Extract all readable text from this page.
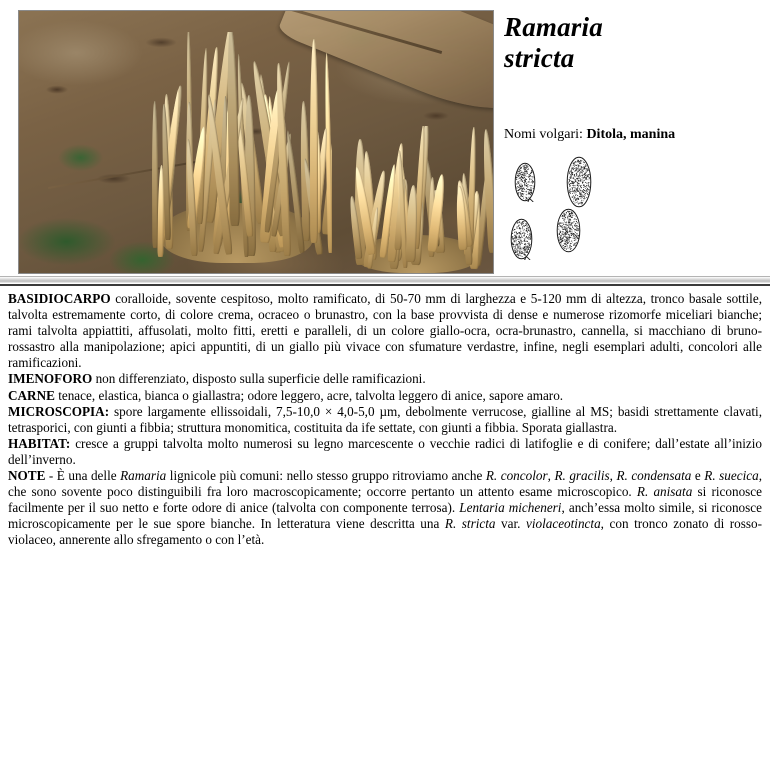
Ramaria
stricta
Nomi volgari: Ditola, manina

BASIDIOCARPO coralloide, sovente cespitoso, molto ramificato, di 50-70 mm di larghezza e 5-120 mm di altezza, tronco basale sottile, talvolta estremamente corto, di colore crema, ocraceo o brunastro, con la base provvista di dense e numerose rizomorfe miceliari bianche; rami talvolta appiattiti, affusolati, molto fitti, eretti e paralleli, di un colore giallo-ocra, ocra-brunastro, cannella, si macchiano di bruno-rossastro alla manipolazione; apici appuntiti, di un giallo più vivace con sfumature verdastre, infine, negli esemplari adulti, concolori alle ramificazioni.

IMENOFORO non differenziato, disposto sulla superficie delle ramificazioni.

CARNE tenace, elastica, bianca o giallastra; odore leggero, acre, talvolta leggero di anice, sapore amaro.

MICROSCOPIA: spore largamente ellissoidali, 7,5-10,0 × 4,0-5,0 µm, debolmente verrucose, gialline al MS; basidi strettamente clavati, tetrasporici, con giunti a fibbia; struttura monomitica, costituita da ife settate, con giunti a fibbia. Sporata giallastra.

HABITAT: cresce a gruppi talvolta molto numerosi su legno marcescente o vecchie radici di latifoglie e di conifere; dall’estate all’inizio dell’inverno.

NOTE - È una delle Ramaria lignicole più comuni: nello stesso gruppo ritroviamo anche R. concolor, R. gracilis, R. condensata e R. suecica, che sono sovente poco distinguibili fra loro macroscopicamente; occorre pertanto un attento esame microscopico. R. anisata si riconosce facilmente per il suo netto e forte odore di anice (talvolta con componente terrosa). Lentaria micheneri, anch’essa molto simile, si riconosce microscopicamente per le sue spore bianche. In letteratura viene descritta una R. stricta var. violaceotincta, con tronco zonato di rosso-violaceo, annerente allo sfregamento o con l’età.
